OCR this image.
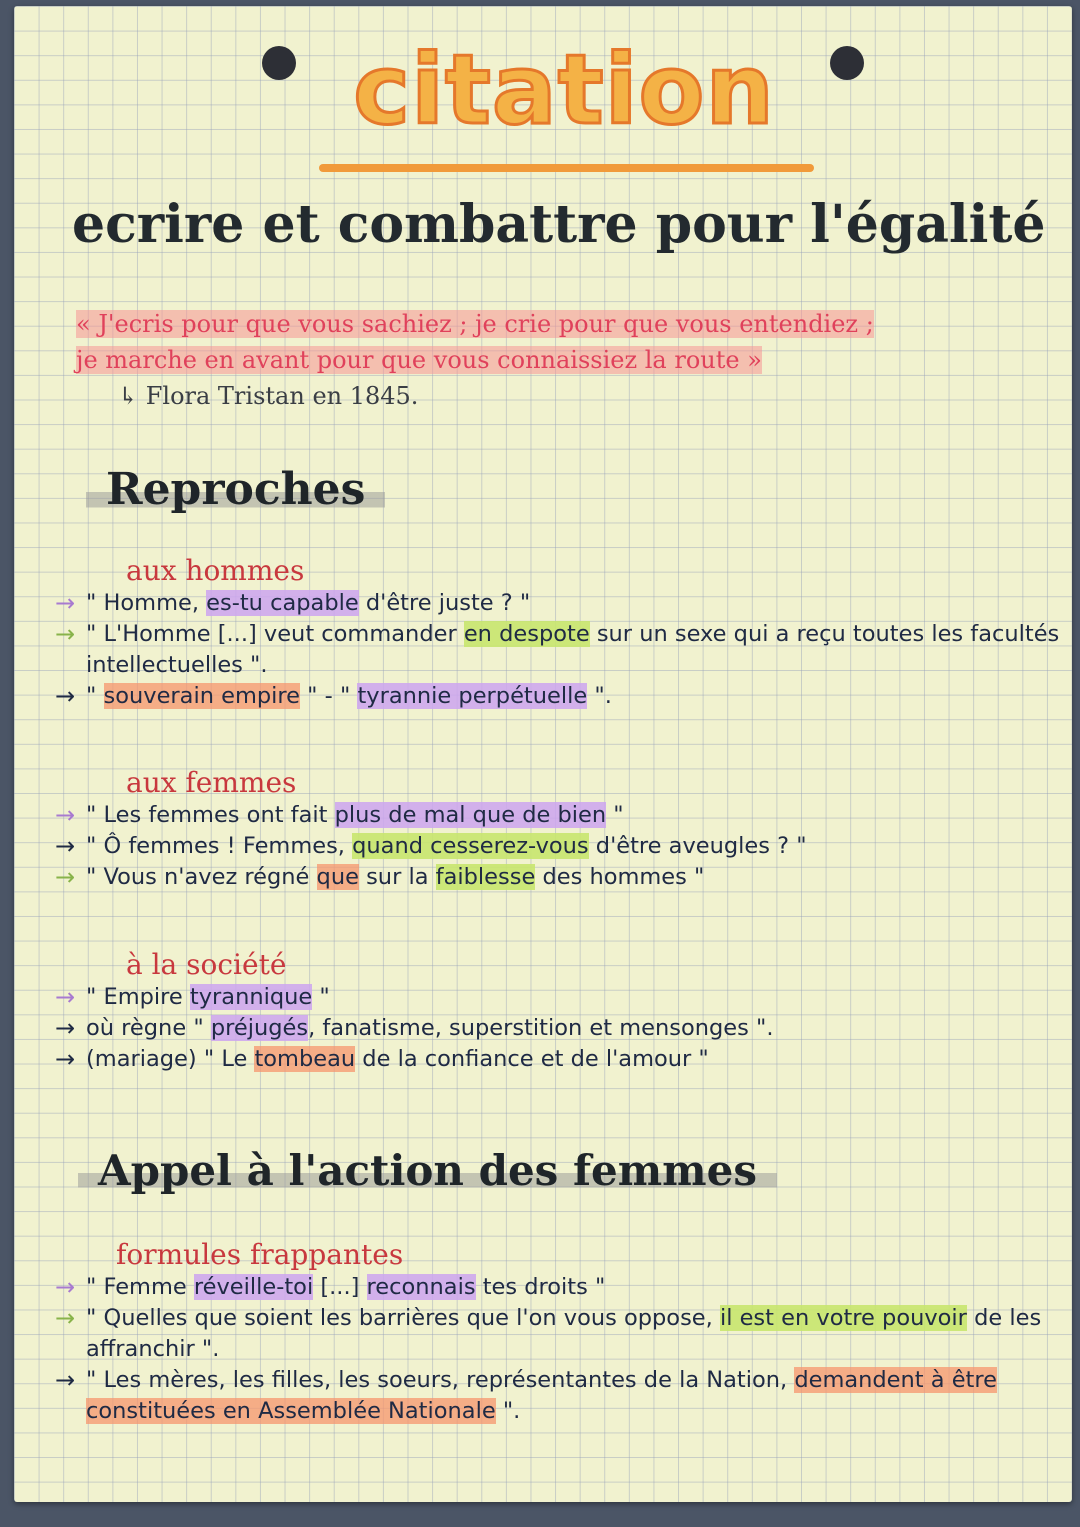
citation
ecrire et combattre pour l'égalité
« J'ecris pour que vous sachiez ; je crie pour que vous entendiez ;
je marche en avant pour que vous connaissiez la route »
↳ Flora Tristan en 1845.
Reproches
aux hommes
→ " Homme, es-tu capable d'être juste ? "
→ " L'Homme [...] veut commander en despote sur un sexe qui a reçu toutes les facultés intellectuelles ".
→ " souverain empire " - " tyrannie perpétuelle ".
aux femmes
→ " Les femmes ont fait plus de mal que de bien "
→ " Ô femmes ! Femmes, quand cesserez-vous d'être aveugles ? "
→ " Vous n'avez régné que sur la faiblesse des hommes "
à la société
→ " Empire tyrannique "
→ où règne " préjugés, fanatisme, superstition et mensonges ".
→ (mariage) " Le tombeau de la confiance et de l'amour "
Appel à l'action des femmes
formules frappantes
→ " Femme réveille-toi [...] reconnais tes droits "
→ " Quelles que soient les barrières que l'on vous oppose, il est en votre pouvoir de les affranchir ".
→ " Les mères, les filles, les soeurs, représentantes de la Nation, demandent à être constituées en Assemblée Nationale ".
